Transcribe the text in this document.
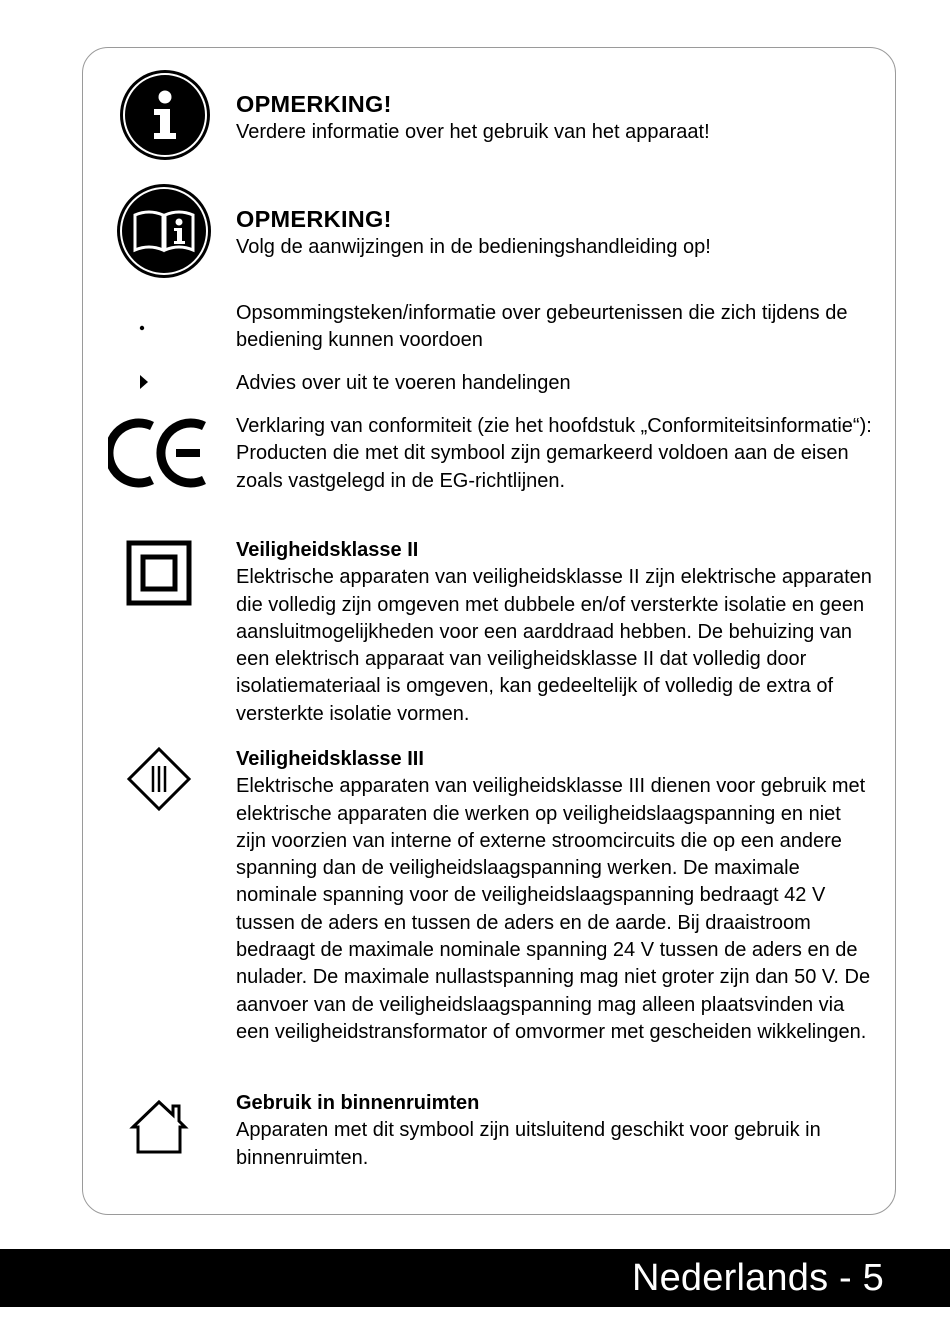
OPMERKING!
Verdere informatie over het gebruik van het apparaat!

OPMERKING!
Volg de aanwijzingen in de bedieningshandleiding op!

Opsommingsteken/informatie over gebeurtenissen die zich tijdens de bediening kunnen voordoen

Advies over uit te voeren handelingen

Verklaring van conformiteit (zie het hoofdstuk „Conformiteitsinformatie“): Producten die met dit symbool zijn gemarkeerd voldoen aan de eisen zoals vastgelegd in de EG-richtlijnen.

Veiligheidsklasse II
Elektrische apparaten van veiligheidsklasse II zijn elektrische apparaten die volledig zijn omgeven met dubbele en/of versterkte isolatie en geen aansluitmogelijkheden voor een aarddraad hebben. De behuizing van een elektrisch apparaat van veiligheidsklasse II dat volledig door isolatiemateriaal is omgeven, kan gedeeltelijk of volledig de extra of versterkte isolatie vormen.

Veiligheidsklasse III
Elektrische apparaten van veiligheidsklasse III dienen voor gebruik met elektrische apparaten die werken op veiligheidslaagspanning en niet zijn voorzien van interne of externe stroomcircuits die op een andere spanning dan de veiligheidslaagspanning werken. De maximale nominale spanning voor de veiligheidslaagspanning bedraagt 42 V tussen de aders en tussen de aders en de aarde. Bij draaistroom bedraagt de maximale nominale spanning 24 V tussen de aders en de nulader. De maximale nullastspanning mag niet groter zijn dan 50 V. De aanvoer van de veiligheidslaagspanning mag alleen plaatsvinden via een veiligheidstransformator of omvormer met gescheiden wikkelingen.

Gebruik in binnenruimten
Apparaten met dit symbool zijn uitsluitend geschikt voor gebruik in binnenruimten.

Nederlands - 5
